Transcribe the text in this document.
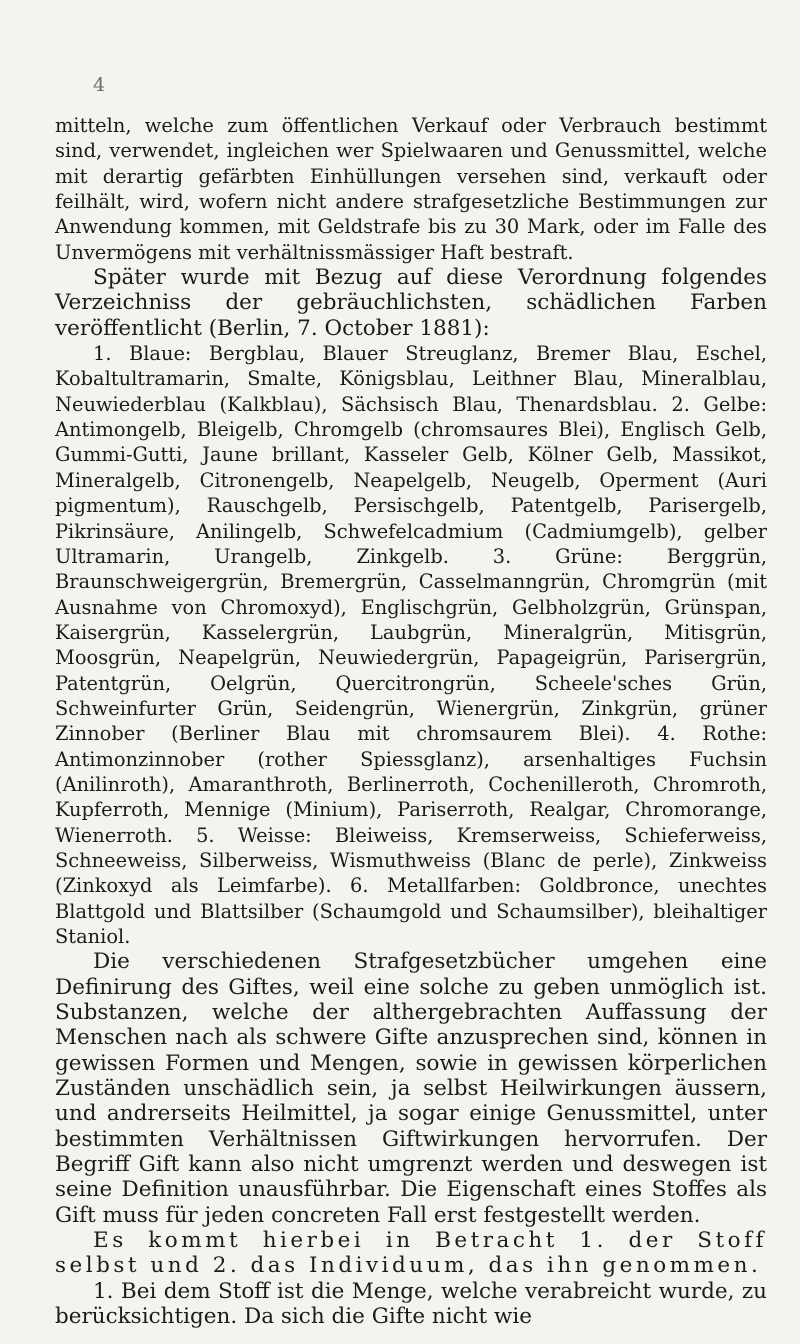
4

mitteln, welche zum öffentlichen Verkauf oder Verbrauch bestimmt sind, verwendet, ingleichen wer Spielwaaren und Genussmittel, welche mit derartig gefärbten Einhüllungen versehen sind, verkauft oder feilhält, wird, wofern nicht andere strafgesetzliche Bestimmungen zur Anwendung kommen, mit Geldstrafe bis zu 30 Mark, oder im Falle des Unvermögens mit verhältnissmässiger Haft bestraft.

Später wurde mit Bezug auf diese Verordnung folgendes Verzeichniss der gebräuchlichsten, schädlichen Farben veröffentlicht (Berlin, 7. October 1881):

1. Blaue: Bergblau, Blauer Streuglanz, Bremer Blau, Eschel, Kobaltultramarin, Smalte, Königsblau, Leithner Blau, Mineralblau, Neuwiederblau (Kalkblau), Sächsisch Blau, Thenardsblau. 2. Gelbe: Antimongelb, Bleigelb, Chromgelb (chromsaures Blei), Englisch Gelb, Gummi-Gutti, Jaune brillant, Kasseler Gelb, Kölner Gelb, Massikot, Mineralgelb, Citronengelb, Neapelgelb, Neugelb, Operment (Auri pigmentum), Rauschgelb, Persischgelb, Patentgelb, Parisergelb, Pikrinsäure, Anilingelb, Schwefelcadmium (Cadmiumgelb), gelber Ultramarin, Urangelb, Zinkgelb. 3. Grüne: Berggrün, Braunschweigergrün, Bremergrün, Casselmanngrün, Chromgrün (mit Ausnahme von Chromoxyd), Englischgrün, Gelbholzgrün, Grünspan, Kaisergrün, Kasselergrün, Laubgrün, Mineralgrün, Mitisgrün, Moosgrün, Neapelgrün, Neuwiedergrün, Papageigrün, Parisergrün, Patentgrün, Oelgrün, Quercitrongrün, Scheele'sches Grün, Schweinfurter Grün, Seidengrün, Wienergrün, Zinkgrün, grüner Zinnober (Berliner Blau mit chromsaurem Blei). 4. Rothe: Antimonzinnober (rother Spiessglanz), arsenhaltiges Fuchsin (Anilinroth), Amaranthroth, Berlinerroth, Cochenilleroth, Chromroth, Kupferroth, Mennige (Minium), Pariserroth, Realgar, Chromorange, Wienerroth. 5. Weisse: Bleiweiss, Kremserweiss, Schieferweiss, Schneeweiss, Silberweiss, Wismuthweiss (Blanc de perle), Zinkweiss (Zinkoxyd als Leimfarbe). 6. Metallfarben: Goldbronce, unechtes Blattgold und Blattsilber (Schaumgold und Schaumsilber), bleihaltiger Staniol.

Die verschiedenen Strafgesetzbücher umgehen eine Definirung des Giftes, weil eine solche zu geben unmöglich ist. Substanzen, welche der althergebrachten Auffassung der Menschen nach als schwere Gifte anzusprechen sind, können in gewissen Formen und Mengen, sowie in gewissen körperlichen Zuständen unschädlich sein, ja selbst Heilwirkungen äussern, und andrerseits Heilmittel, ja sogar einige Genussmittel, unter bestimmten Verhältnissen Giftwirkungen hervorrufen. Der Begriff Gift kann also nicht umgrenzt werden und deswegen ist seine Definition unausführbar. Die Eigenschaft eines Stoffes als Gift muss für jeden concreten Fall erst festgestellt werden.

Es kommt hierbei in Betracht 1. der Stoff selbst und 2. das Individuum, das ihn genommen.

1. Bei dem Stoff ist die Menge, welche verabreicht wurde, zu berücksichtigen. Da sich die Gifte nicht wie
